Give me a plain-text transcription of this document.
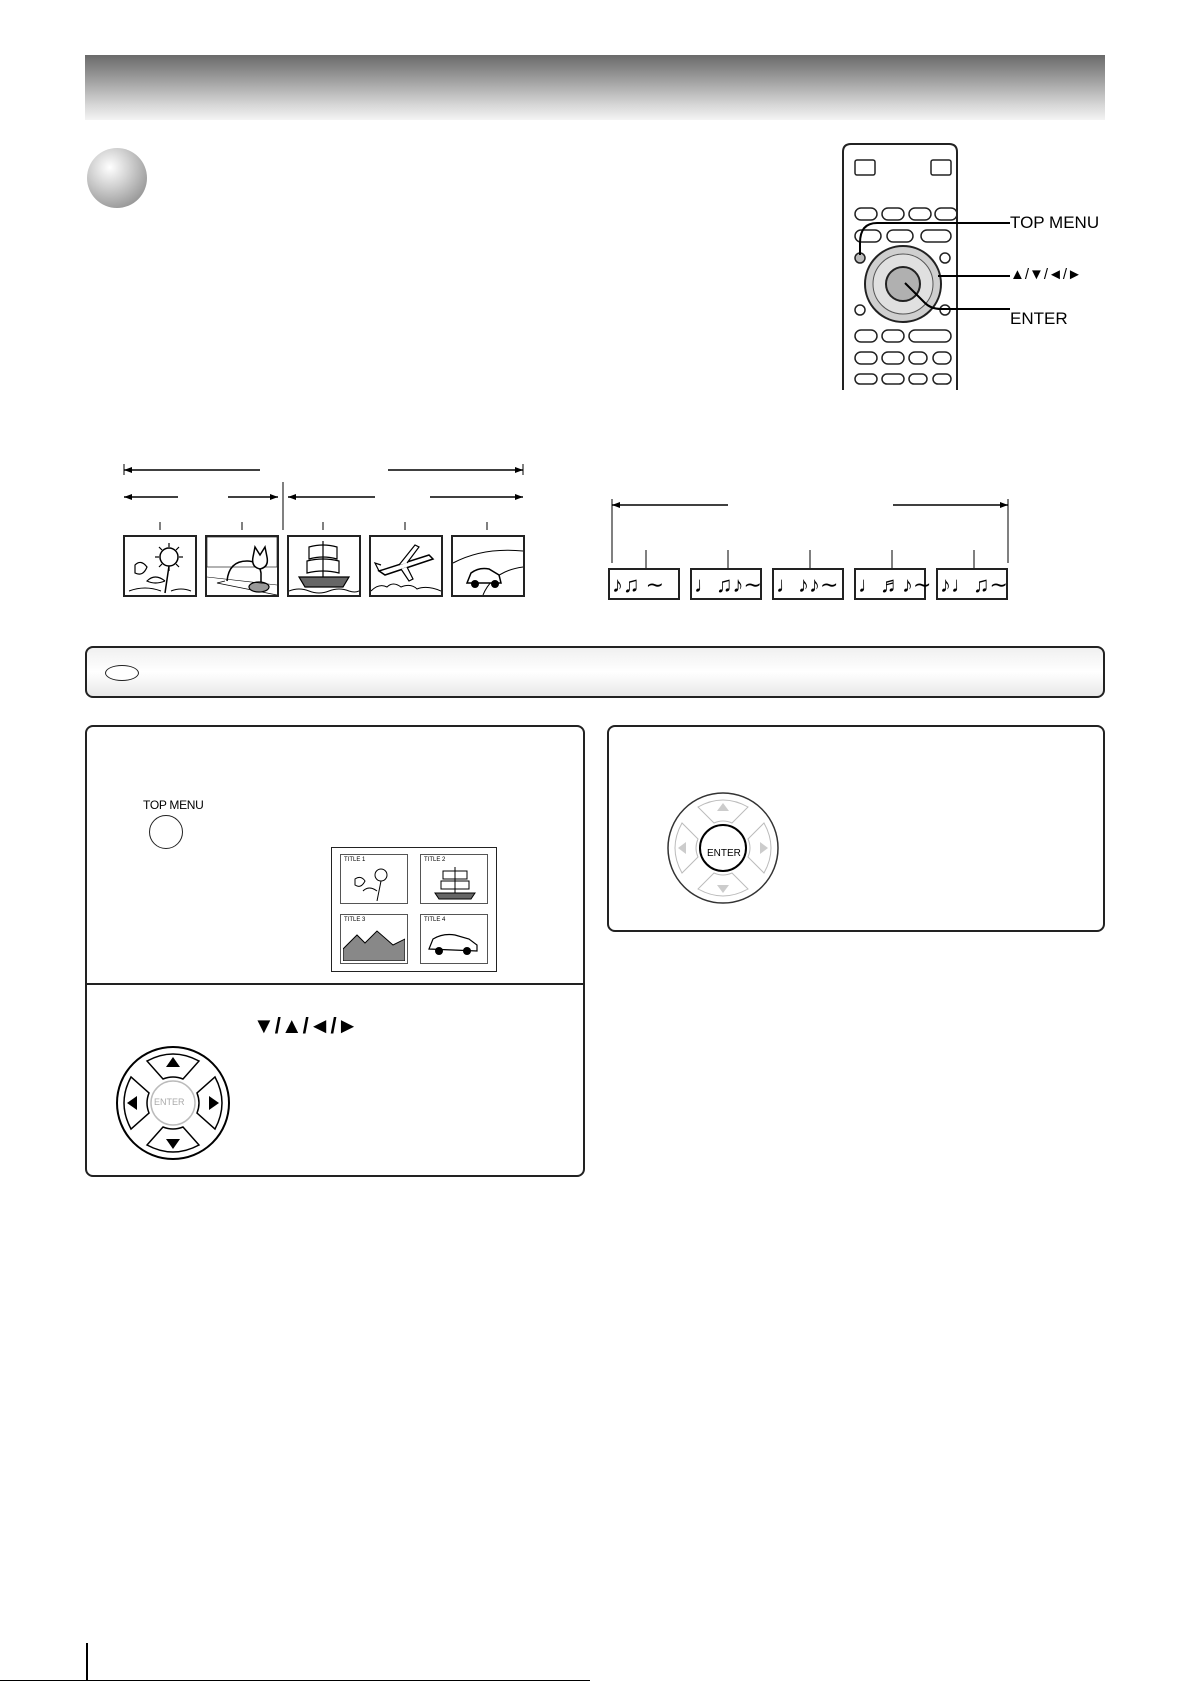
TOP MENU
▲/▼/◄/►
ENTER
♪♫ ∼	♩♫♪∼ ♩♪♪∼ ♩♬♪∼ ♪♩♫∼
TOP MENU
TITLE 1	TITLE 2
TITLE 3	TITLE 4
▼/▲/◄/►
ENTER
ENTER
